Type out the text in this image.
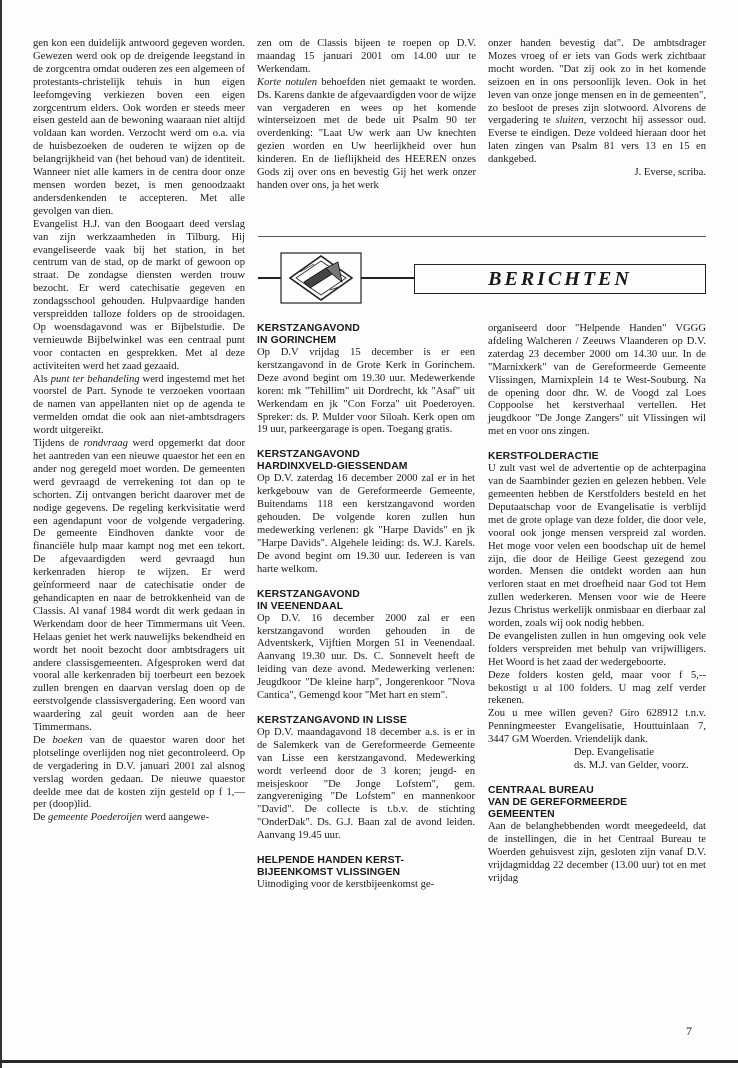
gen kon een duidelijk antwoord gegeven worden. Gewezen werd ook op de dreigende leegstand in de zorgcentra omdat ouderen zes een algemeen of protestants-christelijk tehuis in hun eigen leefomgeving verkiezen boven een eigen zorgcentrum elders. Ook worden er steeds meer eisen gesteld aan de bewoning waaraan niet altijd voldaan kan worden. Verzocht werd om o.a. via de huisbezoeken de ouderen te wijzen op de belangrijkheid van (het behoud van) de identiteit. Wanneer niet alle kamers in de centra door onze mensen worden bezet, is men genoodzaakt andersdenkenden te accepteren. Met alle gevolgen van dien.

Evangelist H.J. van den Boogaart deed verslag van zijn werkzaamheden in Tilburg. Hij evangeliseerde vaak bij het station, in het centrum van de stad, op de markt of gewoon op straat. De zondagse diensten werden trouw bezocht. Er werd catechisatie gegeven en zondagsschool gehouden. Hulpvaardige handen verspreidden talloze folders op de strooidagen. Op woensdagavond was er Bijbelstudie. De vernieuwde Bijbelwinkel was een centraal punt voor contacten en gesprekken. Met al deze activiteiten werd het zaad gezaaid.

Als punt ter behandeling werd ingestemd met het voorstel de Part. Synode te verzoeken voortaan de namen van appellanten niet op de agenda te vermelden omdat die ook aan niet-ambtsdragers wordt uitgereikt.

Tijdens de rondvraag werd opgemerkt dat door het aantreden van een nieuwe quaestor het een en ander nog geregeld moet worden. De gemeenten werd gevraagd de verrekening tot dan op te schorten. Zij ontvangen bericht daarover met de nodige gegevens. De regeling kerkvisitatie werd een agendapunt voor de volgende vergadering. De gemeente Eindhoven dankte voor de financiële hulp maar kampt nog met een tekort. De afgevaardigden werd gevraagd hun kerkenraden hierop te wijzen. Er werd geïnformeerd naar de catechisatie onder de gehandicapten en naar de betrokkenheid van de Classis. Al vanaf 1984 wordt dit werk gedaan in Werkendam door de heer Timmermans uit Veen. Helaas geniet het werk nauwelijks bekendheid en wordt het nooit bezocht door ambtsdragers uit andere classisgemeenten. Afgesproken werd dat vooral alle kerkenraden bij toerbeurt een bezoek zullen brengen en daarvan verslag doen op de eerstvolgende classisvergadering. Een woord van waardering zal geuit worden aan de heer Timmermans.

De boeken van de quaestor waren door het plotselinge overlijden nog niet gecontroleerd. Op de vergadering in D.V. januari 2001 zal alsnog verslag worden gedaan. De nieuwe quaestor deelde mee dat de kosten zijn gesteld op f 1,— per (doop)lid.

De gemeente Poederoijen werd aangewe-

zen om de Classis bijeen te roepen op D.V. maandag 15 januari 2001 om 14.00 uur te Werkendam.

Korte notulen behoefden niet gemaakt te worden. Ds. Karens dankte de afgevaardigden voor de wijze van vergaderen en wees op het komende winterseizoen met de bede uit Psalm 90 ter overdenking: "Laat Uw werk aan Uw knechten gezien worden en Uw heerlijkheid over hun kinderen. En de lieflijkheid des HEEREN onzes Gods zij over ons en bevestig Gij het werk onzer handen over ons, ja het werk

onzer handen bevestig dat". De ambtsdrager Mozes vroeg of er iets van Gods werk zichtbaar mocht worden. "Dat zij ook zo in het komende seizoen en in ons persoonlijk leven. Ook in het leven van onze jonge mensen en in de gemeenten", zo besloot de preses zijn slotwoord. Alvorens de vergadering te sluiten, verzocht hij assessor oud. Everse te eindigen. Deze voldeed hieraan door het laten zingen van Psalm 81 vers 13 en 15 en dankgebed.

J. Everse, scriba.

BERICHTEN
KERSTZANGAVOND
IN GORINCHEM

Op D.V vrijdag 15 december is er een kerstzangavond in de Grote Kerk in Gorinchem. Deze avond begint om 19.30 uur. Medewerkende koren: mk "Tehillim" uit Dordrecht, kk "Asaf" uit Werkendam en jk "Con Forza" uit Poederoyen. Spreker: ds. P. Mulder voor Siloah. Kerk open om 19 uur, parkeergarage is open. Toegang gratis.

KERSTZANGAVOND
HARDINXVELD-GIESSENDAM

Op D.V. zaterdag 16 december 2000 zal er in het kerkgebouw van de Gereformeerde Gemeente, Buitendams 118 een kerstzangavond worden gehouden. De volgende koren zullen hun medewerking verlenen: gk "Harpe Davids" en jk "Harpe Davids". Algehele leiding: ds. W.J. Karels. De avond begint om 19.30 uur. Iedereen is van harte welkom.

KERSTZANGAVOND
IN VEENENDAAL

Op D.V. 16 december 2000 zal er een kerstzangavond worden gehouden in de Adventskerk, Vijftien Morgen 51 in Veenendaal. Aanvang 19.30 uur. Ds. C. Sonnevelt heeft de leiding van deze avond. Medewerking verlenen: Jeugdkoor "De kleine harp", Jongerenkoor "Nova Cantica", Gemengd koor "Met hart en stem".

KERSTZANGAVOND IN LISSE

Op D.V. maandagavond 18 december a.s. is er in de Salemkerk van de Gereformeerde Gemeente van Lisse een kerstzangavond. Medewerking wordt verleend door de 3 koren; jeugd- en meisjeskoor "De Jonge Lofstem", gem. zangvereniging "De Lofstem" en mannenkoor "David". De collecte is t.b.v. de stichting "OnderDak". Ds. G.J. Baan zal de avond leiden. Aanvang 19.45 uur.

HELPENDE HANDEN KERST-
BIJEENKOMST VLISSINGEN

Uitnodiging voor de kerstbijeenkomst ge-

organiseerd door "Helpende Handen" VGGG afdeling Walcheren / Zeeuws Vlaanderen op D.V. zaterdag 23 december 2000 om 14.30 uur. In de "Marnixkerk" van de Gereformeerde Gemeente Vlissingen, Marnixplein 14 te West-Souburg. Na de opening door dhr. W. de Voogd zal Loes Coppoolse het kerstverhaal vertellen. Het jeugdkoor "De Jonge Zangers" uit Vlissingen wil met en voor ons zingen.

KERSTFOLDERACTIE

U zult vast wel de advertentie op de achterpagina van de Saambinder gezien en gelezen hebben. Vele gemeenten hebben de Kerstfolders besteld en het Deputaatschap voor de Evangelisatie is verblijd met de grote oplage van deze folder, die door vele, vooral ook jonge mensen verspreid zal worden. Het moge voor velen een boodschap uit de hemel zijn, die door de Heilige Geest gezegend zou worden. Mensen die ontdekt worden aan hun verloren staat en met droefheid naar God tot Hem zullen wederkeren. Mensen voor wie de Heere Jezus Christus werkelijk onmisbaar en dierbaar zal worden, zoals wij ook nodig hebben.

De evangelisten zullen in hun omgeving ook vele folders verspreiden met behulp van vrijwilligers. Het Woord is het zaad der wedergeboorte.

Deze folders kosten geld, maar voor f 5,-- bekostigt u al 100 folders. U mag zelf verder rekenen.

Zou u mee willen geven? Giro 628912 t.n.v. Penningmeester Evangelisatie, Houttuinlaan 7, 3447 GM Woerden. Vriendelijk dank.

Dep. Evangelisatie

ds. M.J. van Gelder, voorz.

CENTRAAL BUREAU
VAN DE GEREFORMEERDE
GEMEENTEN

Aan de belanghebbenden wordt meegedeeld, dat de instellingen, die in het Centraal Bureau te Woerden gehuisvest zijn, gesloten zijn vanaf D.V. vrijdagmiddag 22 december (13.00 uur) tot en met vrijdag

7
